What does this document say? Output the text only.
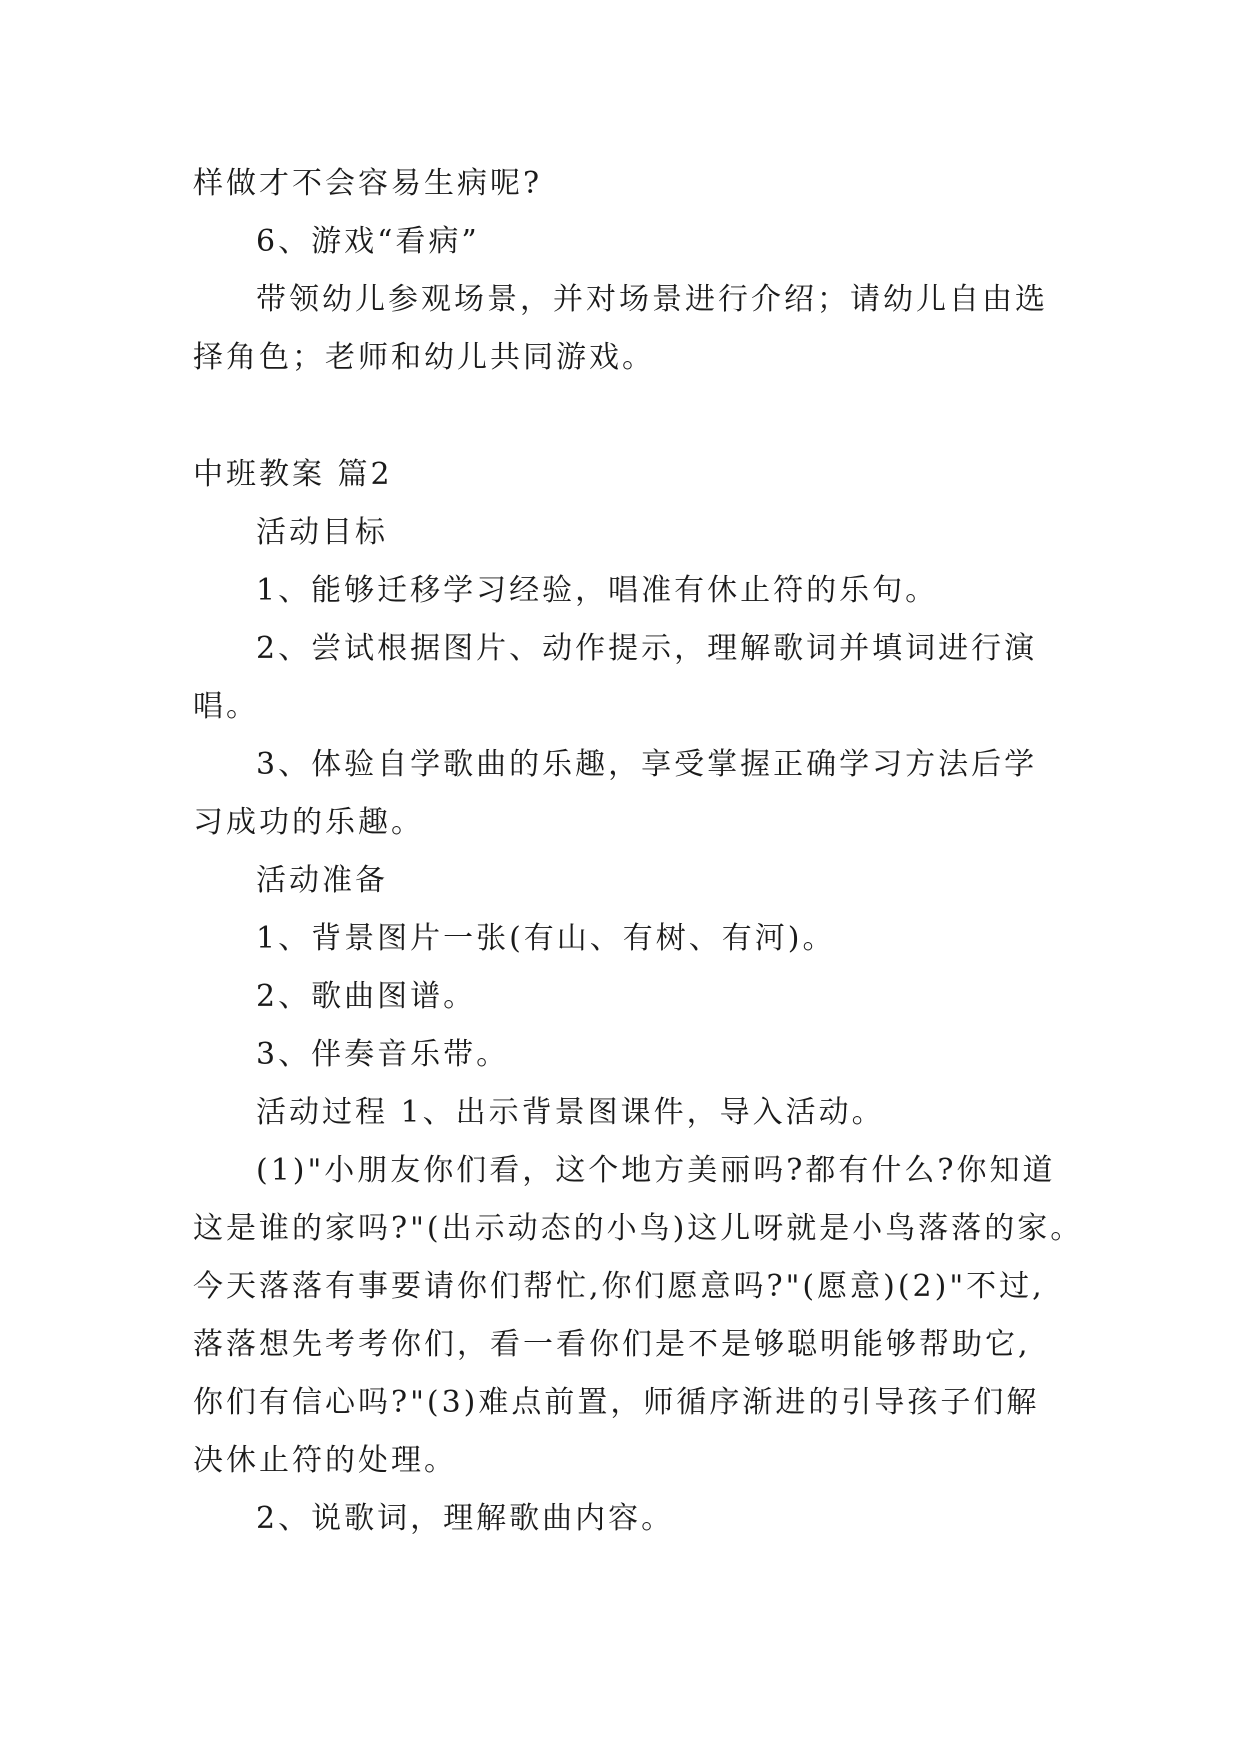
样做才不会容易生病呢?
6、游戏“看病”
带领幼儿参观场景，并对场景进行介绍；请幼儿自由选
择角色；老师和幼儿共同游戏。
中班教案 篇2
活动目标
1、能够迁移学习经验，唱准有休止符的乐句。
2、尝试根据图片、动作提示，理解歌词并填词进行演
唱。
3、体验自学歌曲的乐趣，享受掌握正确学习方法后学
习成功的乐趣。
活动准备
1、背景图片一张(有山、有树、有河)。
2、歌曲图谱。
3、伴奏音乐带。
活动过程 1、出示背景图课件，导入活动。
(1)"小朋友你们看，这个地方美丽吗?都有什么?你知道
这是谁的家吗?"(出示动态的小鸟)这儿呀就是小鸟落落的家。
今天落落有事要请你们帮忙,你们愿意吗?"(愿意)(2)"不过,
落落想先考考你们，看一看你们是不是够聪明能够帮助它,
你们有信心吗?"(3)难点前置，师循序渐进的引导孩子们解
决休止符的处理。
2、说歌词，理解歌曲内容。
